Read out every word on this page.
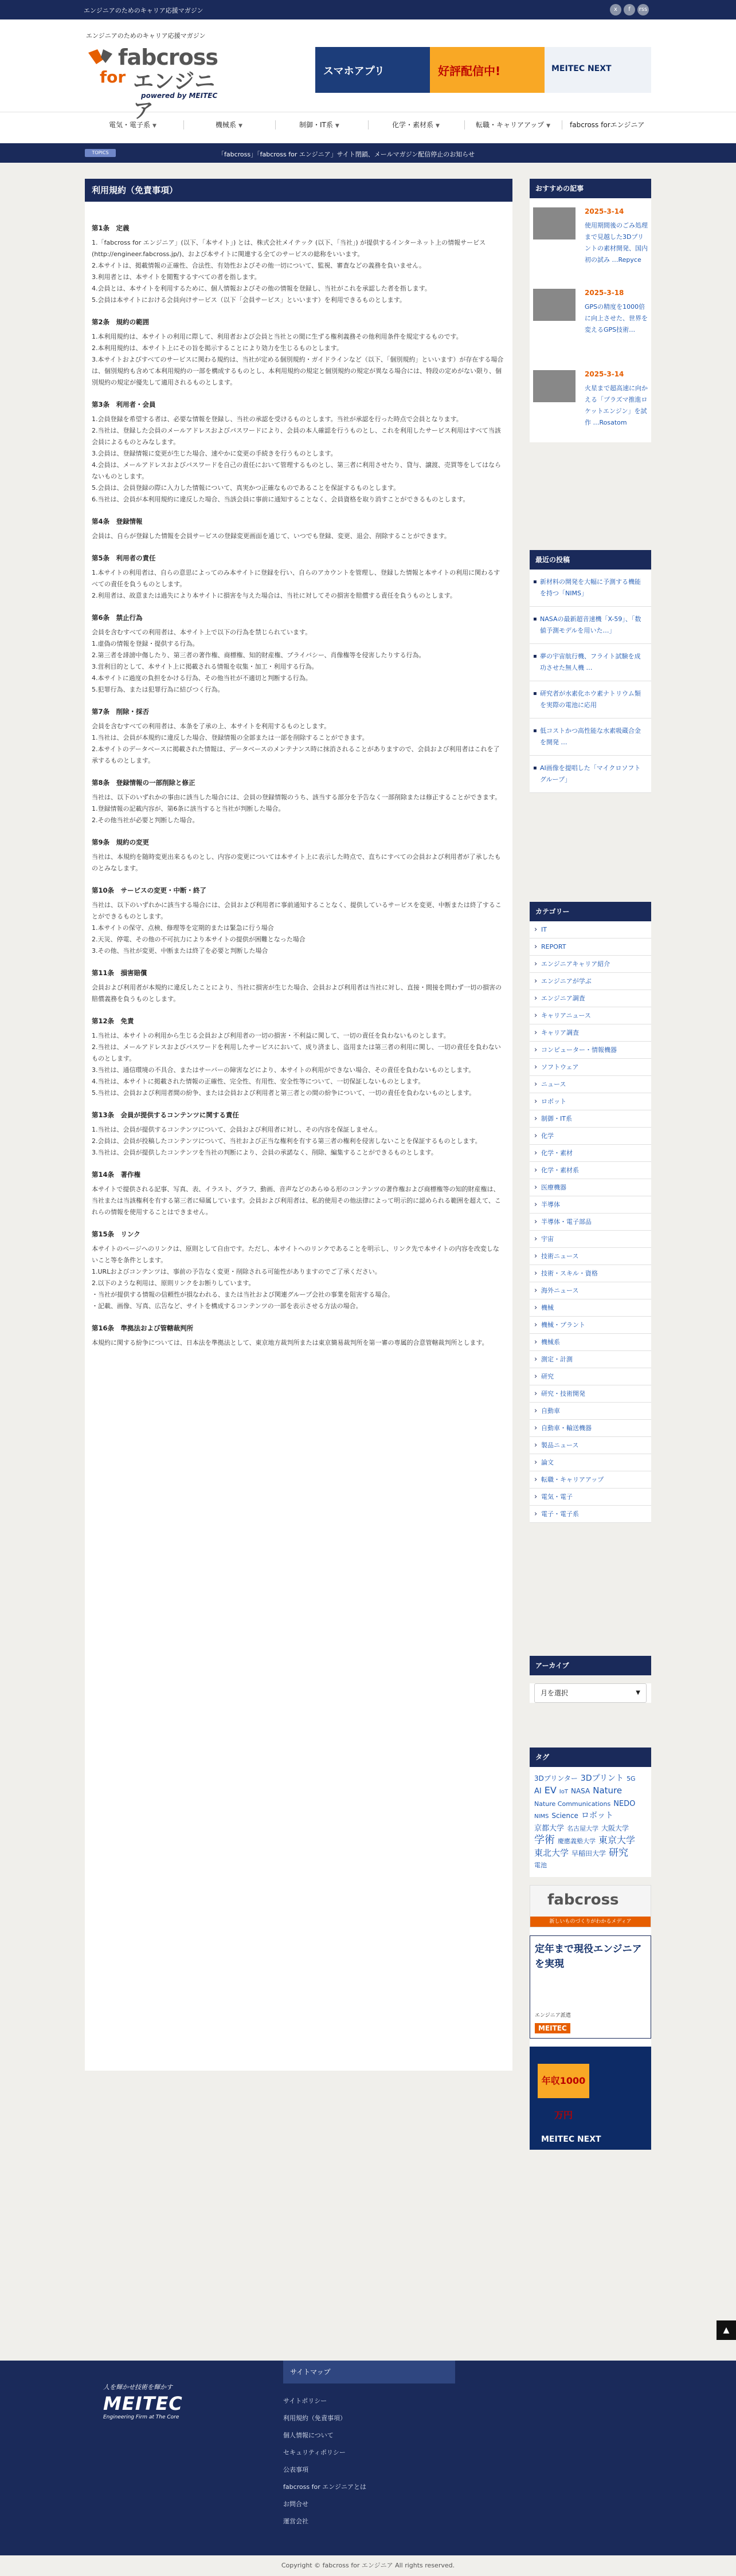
エンジニアのためのキャリア応援マガジン	x	f	rss
エンジニアのためのキャリア応援マガジン
fabcross
for エンジニア
powered by MEITEC
スマホアプリ	好評配信中!	MEITEC NEXT
電気・電子系 ▼	機械系 ▼	制御・IT系 ▼	化学・素材系 ▼	転職・キャリアアップ ▼	fabcross forエンジニア
TOPICS	「fabcross」「fabcross for エンジニア」サイト閉鎖、メールマガジン配信停止のお知らせ
利用規約（免責事項）
第1条　定義

1.「fabcross for エンジニア」(以下、「本サイト」) とは、株式会社メイテック (以下、「当社」) が提供するインターネット上の情報サービス (http://engineer.fabcross.jp/)、および本サイトに関連する全てのサービスの総称をいいます。
2.本サイトは、掲載情報の正確性、合法性、有効性およびその他一切について、監視、審査などの義務を負いません。
3.利用者とは、本サイトを閲覧するすべての者を指します。
4.会員とは、本サイトを利用するために、個人情報およびその他の情報を登録し、当社がこれを承認した者を指します。
5.会員は本サイトにおける会員向けサービス（以下「会員サービス」といいます）を利用できるものとします。

第2条　規約の範囲

1.本利用規約は、本サイトの利用に際して、利用者および会員と当社との間に生ずる権利義務その他利用条件を規定するものです。
2.本利用規約は、本サイト上にその旨を掲示することにより効力を生じるものとします。
3.本サイトおよびすべてのサービスに関わる規約は、当社が定める個別規約・ガイドラインなど（以下、「個別規約」といいます）が存在する場合は、個別規約も含めて本利用規約の一部を構成するものとし、本利用規約の規定と個別規約の規定が異なる場合には、特段の定めがない限り、個別規約の規定が優先して適用されるものとします。

第3条　利用者・会員

1.会員登録を希望する者は、必要な情報を登録し、当社の承認を受けるものとします。当社が承認を行った時点で会員となります。
2.当社は、登録した会員のメールアドレスおよびパスワードにより、会員の本人確認を行うものとし、これを利用したサービス利用はすべて当該会員によるものとみなします。
3.会員は、登録情報に変更が生じた場合、速やかに変更の手続きを行うものとします。
4.会員は、メールアドレスおよびパスワードを自己の責任において管理するものとし、第三者に利用させたり、貸与、譲渡、売買等をしてはならないものとします。
5.会員は、会員登録の際に入力した情報について、真実かつ正確なものであることを保証するものとします。
6.当社は、会員が本利用規約に違反した場合、当該会員に事前に通知することなく、会員資格を取り消すことができるものとします。

第4条　登録情報

会員は、自らが登録した情報を会員サービスの登録変更画面を通じて、いつでも登録、変更、退会、削除することができます。

第5条　利用者の責任

1.本サイトの利用者は、自らの意思によってのみ本サイトに登録を行い、自らのアカウントを管理し、登録した情報と本サイトの利用に関わるすべての責任を負うものとします。
2.利用者は、故意または過失により本サイトに損害を与えた場合は、当社に対してその損害を賠償する責任を負うものとします。

第6条　禁止行為

会員を含むすべての利用者は、本サイト上で以下の行為を禁じられています。
1.虚偽の情報を登録・提供する行為。
2.第三者を誹謗中傷したり、第三者の著作権、商標権、知的財産権、プライバシー、肖像権等を侵害したりする行為。
3.営利目的として、本サイト上に掲載される情報を収集・加工・利用する行為。
4.本サイトに過度の負担をかける行為、その他当社が不適切と判断する行為。
5.犯罪行為、または犯罪行為に結びつく行為。

第7条　削除・採否

会員を含むすべての利用者は、本条を了承の上、本サイトを利用するものとします。
1.当社は、会員が本規約に違反した場合、登録情報の全部または一部を削除することができます。
2.本サイトのデータベースに掲載された情報は、データベースのメンテナンス時に抹消されることがありますので、会員および利用者はこれを了承するものとします。

第8条　登録情報の一部削除と修正

当社は、以下のいずれかの事由に該当した場合には、会員の登録情報のうち、該当する部分を予告なく一部削除または修正することができます。
1.登録情報の記載内容が、第6条に該当すると当社が判断した場合。
2.その他当社が必要と判断した場合。

第9条　規約の変更

当社は、本規約を随時変更出来るものとし、内容の変更については本サイト上に表示した時点で、直ちにすべての会員および利用者が了承したものとみなします。

第10条　サービスの変更・中断・終了

当社は、以下のいずれかに該当する場合には、会員および利用者に事前通知することなく、提供しているサービスを変更、中断または終了することができるものとします。
1.本サイトの保守、点検、修理等を定期的または緊急に行う場合
2.天災、停電、その他の不可抗力により本サイトの提供が困難となった場合
3.その他、当社が変更、中断または終了を必要と判断した場合

第11条　損害賠償

会員および利用者が本規約に違反したことにより、当社に損害が生じた場合、会員および利用者は当社に対し、直接・間接を問わず一切の損害の賠償義務を負うものとします。

第12条　免責

1.当社は、本サイトの利用から生じる会員および利用者の一切の損害・不利益に関して、一切の責任を負わないものとします。
2.当社は、メールアドレスおよびパスワードを利用したサービスにおいて、成り済まし、盗用または第三者の利用に関し、一切の責任を負わないものとします。
3.当社は、通信環境の不具合、またはサーバーの障害などにより、本サイトの利用ができない場合、その責任を負わないものとします。
4.当社は、本サイトに掲載された情報の正確性、完全性、有用性、安全性等について、一切保証しないものとします。
5.当社は、会員および利用者間の紛争、または会員および利用者と第三者との間の紛争について、一切の責任を負わないものとします。

第13条　会員が提供するコンテンツに関する責任

1.当社は、会員が提供するコンテンツについて、会員および利用者に対し、その内容を保証しません。
2.会員は、会員が投稿したコンテンツについて、当社および正当な権利を有する第三者の権利を侵害しないことを保証するものとします。
3.当社は、会員が提供したコンテンツを当社の判断により、会員の承諾なく、削除、編集することができるものとします。

第14条　著作権

本サイトで提供される記事、写真、表、イラスト、グラフ、動画、音声などのあらゆる形のコンテンツの著作権および商標権等の知的財産権は、当社または当該権利を有する第三者に帰属しています。会員および利用者は、私的使用その他法律によって明示的に認められる範囲を超えて、これらの情報を使用することはできません。

第15条　リンク

本サイトのページへのリンクは、原則として自由です。ただし、本サイトへのリンクであることを明示し、リンク先で本サイトの内容を改変しないこと等を条件とします。
1.URLおよびコンテンツは、事前の予告なく変更・削除される可能性がありますのでご了承ください。
2.以下のような利用は、原則リンクをお断りしています。
・当社が提供する情報の信頼性が損なわれる、または当社および関連グループ会社の事業を阻害する場合。
・記載、画像、写真、広告など、サイトを構成するコンテンツの一部を表示させる方法の場合。

第16条　準拠法および管轄裁判所

本規約に関する紛争については、日本法を準拠法として、東京地方裁判所または東京簡易裁判所を第一審の専属的合意管轄裁判所とします。

おすすめの記事
2025-3-14
使用期間後のごみ処理まで見越した3Dプリントの素材開発、国内初の試み …Repyce
2025-3-18
GPSの精度を1000倍に向上させた、世界を変えるGPS技術…
2025-3-14
火星まで超高速に向かえる「プラズマ推進ロケットエンジン」を試作 …Rosatom
最近の投稿
▪ 新材料の開発を大幅に予測する機能を持つ「NIMS」
▪ NASAの最新超音速機「X-59」、「数値予測モデルを用いた…」
▪ 夢の宇宙航行機、フライト試験を成功させた無人機 …
▪ 研究者が水素化ホウ素ナトリウム類を実際の電池に応用
▪ 低コストかつ高性能な水素吸蔵合金を開発 …
▪ AI画像を提唱した「マイクロソフトグループ」
カテゴリー
› IT
› REPORT
› エンジニアキャリア紹介
› エンジニアが学ぶ
› エンジニア調査
› キャリアニュース
› キャリア調査
› コンピューター・情報機器
› ソフトウェア
› ニュース
› ロボット
› 制御・IT系
› 化学
› 化学・素材
› 化学・素材系
› 医療機器
› 半導体
› 半導体・電子部品
› 宇宙
› 技術ニュース
› 技術・スキル・資格
› 海外ニュース
› 機械
› 機械・プラント
› 機械系
› 測定・計測
› 研究
› 研究・技術開発
› 自動車
› 自動車・輸送機器
› 製品ニュース
› 論文
› 転職・キャリアアップ
› 電気・電子
› 電子・電子系
アーカイブ
月を選択	▼
タグ
3Dプリンター 3Dプリント 5GAI EV IoT NASA NatureNature Communications NEDONIMS Science ロボット京都大学 名古屋大学 大阪大学学術 慶應義塾大学 東京大学東北大学 早稲田大学 研究電池
fabcross
新しいものづくりがわかるメディア
定年まで現役エンジニアを実現
エンジニア派遣
MEITEC
年収1000万円
MEITEC NEXT
▲
人を輝かせ技術を輝かす
MEITEC
Engineering Firm at The Core
サイトマップ
サイトポリシー
利用規約（免責事項）
個人情報について
セキュリティポリシー
公表事項
fabcross for エンジニアとは
お問合せ
運営会社
Copyright © fabcross for エンジニア All rights reserved.
